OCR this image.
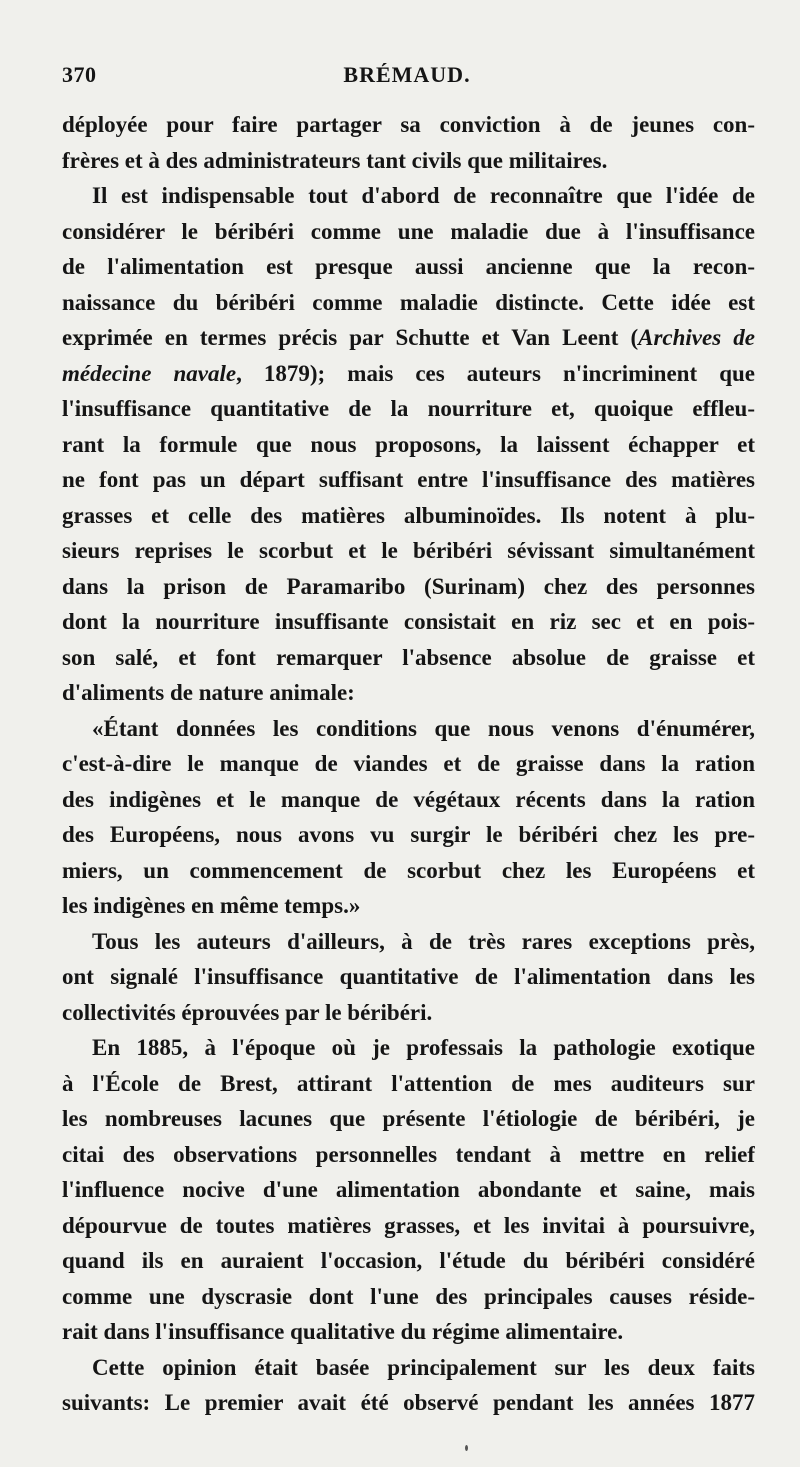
370	BRÉMAUD.
déployée pour faire partager sa conviction à de jeunes con-
frères et à des administrateurs tant civils que militaires.
Il est indispensable tout d'abord de reconnaître que l'idée de
considérer le béribéri comme une maladie due à l'insuffisance
de l'alimentation est presque aussi ancienne que la recon-
naissance du béribéri comme maladie distincte. Cette idée est
exprimée en termes précis par Schutte et Van Leent (Archives de
médecine navale, 1879); mais ces auteurs n'incriminent que
l'insuffisance quantitative de la nourriture et, quoique effleu-
rant la formule que nous proposons, la laissent échapper et
ne font pas un départ suffisant entre l'insuffisance des matières
grasses et celle des matières albuminoïdes. Ils notent à plu-
sieurs reprises le scorbut et le béribéri sévissant simultanément
dans la prison de Paramaribo (Surinam) chez des personnes
dont la nourriture insuffisante consistait en riz sec et en pois-
son salé, et font remarquer l'absence absolue de graisse et
d'aliments de nature animale:
«Étant données les conditions que nous venons d'énumérer,
c'est-à-dire le manque de viandes et de graisse dans la ration
des indigènes et le manque de végétaux récents dans la ration
des Européens, nous avons vu surgir le béribéri chez les pre-
miers, un commencement de scorbut chez les Européens et
les indigènes en même temps.»
Tous les auteurs d'ailleurs, à de très rares exceptions près,
ont signalé l'insuffisance quantitative de l'alimentation dans les
collectivités éprouvées par le béribéri.
En 1885, à l'époque où je professais la pathologie exotique
à l'École de Brest, attirant l'attention de mes auditeurs sur
les nombreuses lacunes que présente l'étiologie de béribéri, je
citai des observations personnelles tendant à mettre en relief
l'influence nocive d'une alimentation abondante et saine, mais
dépourvue de toutes matières grasses, et les invitai à poursuivre,
quand ils en auraient l'occasion, l'étude du béribéri considéré
comme une dyscrasie dont l'une des principales causes réside-
rait dans l'insuffisance qualitative du régime alimentaire.
Cette opinion était basée principalement sur les deux faits
suivants: Le premier avait été observé pendant les années 1877
